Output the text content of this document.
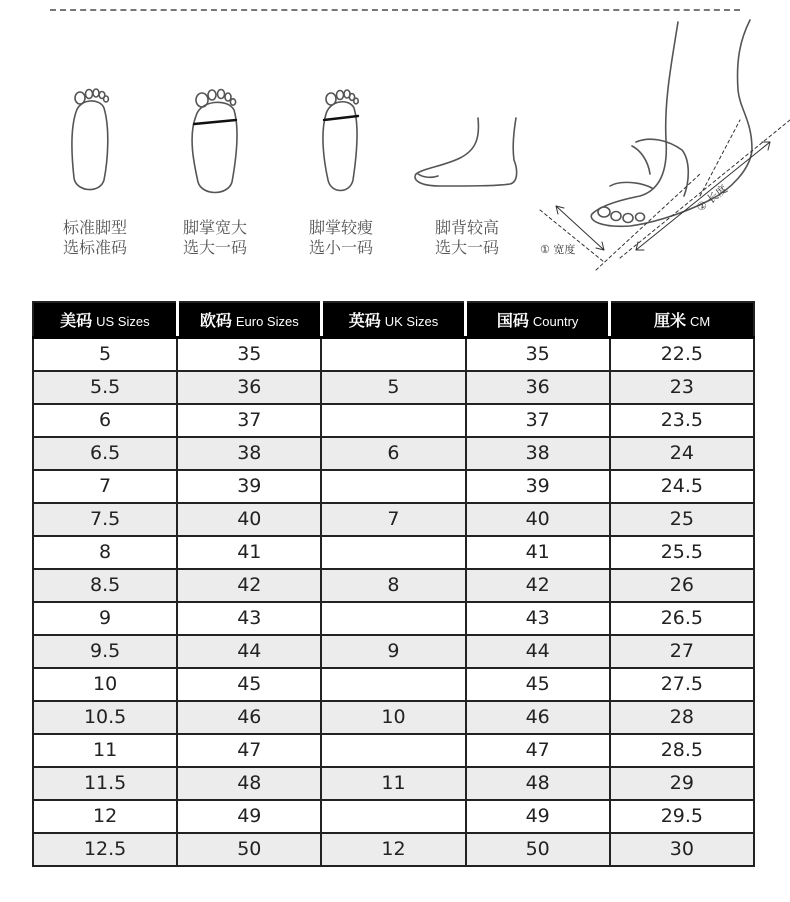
标准脚型
选标准码
脚掌宽大
选大一码
脚掌较瘦
选小一码
脚背较高
选大一码	① 宽度
② 长度
美码 US Sizes	欧码 Euro Sizes	英码 UK Sizes	国码 Country	厘米 CM
5	35		35	22.5
5.5	36	5	36	23
6	37		37	23.5
6.5	38	6	38	24
7	39		39	24.5
7.5	40	7	40	25
8	41		41	25.5
8.5	42	8	42	26
9	43		43	26.5
9.5	44	9	44	27
10	45		45	27.5
10.5	46	10	46	28
11	47		47	28.5
11.5	48	11	48	29
12	49		49	29.5
12.5	50	12	50	30
